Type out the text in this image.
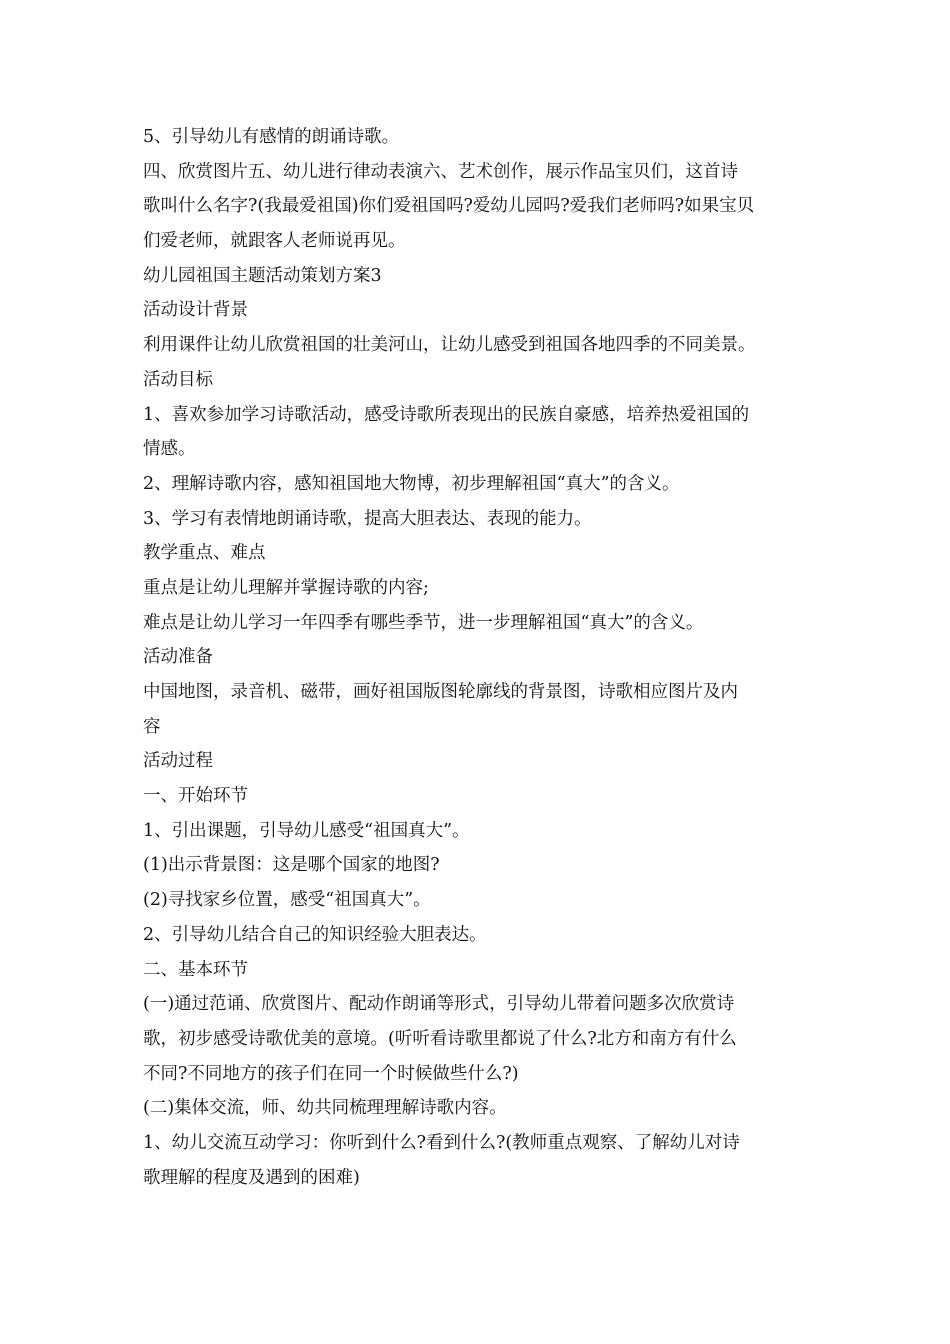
5、引导幼儿有感情的朗诵诗歌。
四、欣赏图片五、幼儿进行律动表演六、艺术创作，展示作品宝贝们，这首诗
歌叫什么名字?(我最爱祖国)你们爱祖国吗?爱幼儿园吗?爱我们老师吗?如果宝贝
们爱老师，就跟客人老师说再见。
幼儿园祖国主题活动策划方案3
活动设计背景
利用课件让幼儿欣赏祖国的壮美河山，让幼儿感受到祖国各地四季的不同美景。
活动目标
1、喜欢参加学习诗歌活动，感受诗歌所表现出的民族自豪感，培养热爱祖国的
情感。
2、理解诗歌内容，感知祖国地大物博，初步理解祖国“真大”的含义。
3、学习有表情地朗诵诗歌，提高大胆表达、表现的能力。
教学重点、难点
重点是让幼儿理解并掌握诗歌的内容;
难点是让幼儿学习一年四季有哪些季节，进一步理解祖国“真大”的含义。
活动准备
中国地图，录音机、磁带，画好祖国版图轮廓线的背景图，诗歌相应图片及内
容
活动过程
一、开始环节
1、引出课题，引导幼儿感受“祖国真大”。
(1)出示背景图：这是哪个国家的地图?
(2)寻找家乡位置，感受“祖国真大”。
2、引导幼儿结合自己的知识经验大胆表达。
二、基本环节
(一)通过范诵、欣赏图片、配动作朗诵等形式，引导幼儿带着问题多次欣赏诗
歌，初步感受诗歌优美的意境。(听听看诗歌里都说了什么?北方和南方有什么
不同?不同地方的孩子们在同一个时候做些什么?)
(二)集体交流，师、幼共同梳理理解诗歌内容。
1、幼儿交流互动学习：你听到什么?看到什么?(教师重点观察、了解幼儿对诗
歌理解的程度及遇到的困难)
